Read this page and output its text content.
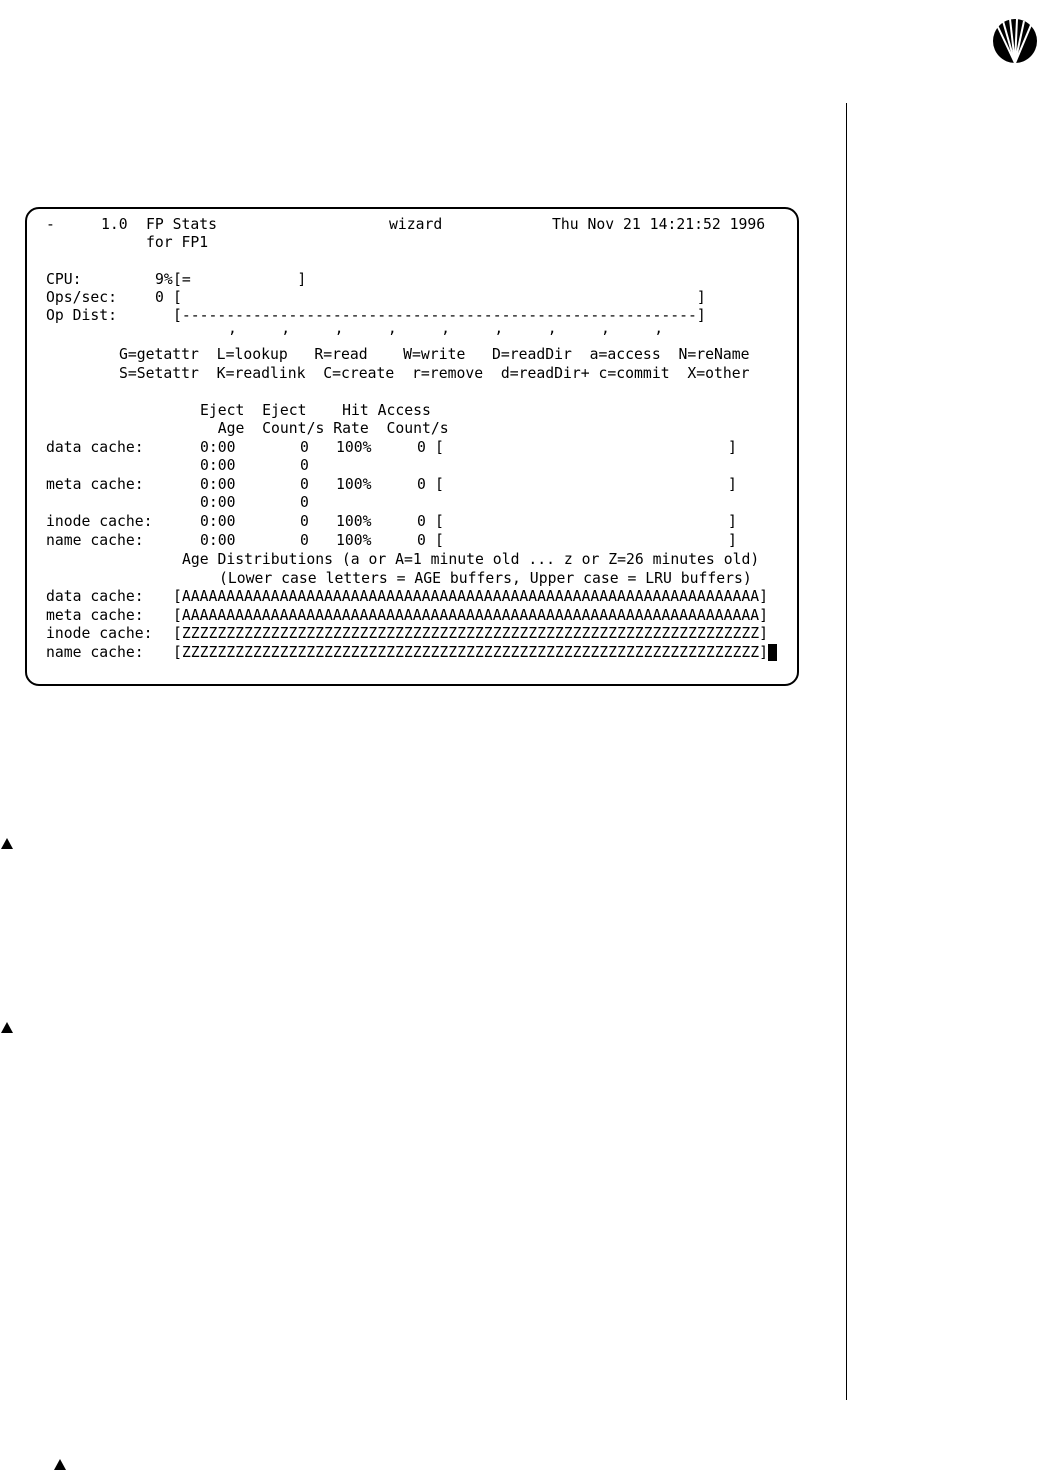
-	1.0 FP Stats	wizard	Thu Nov 21 14:21:52 1996
for FP1
CPU:	9% [=            ]
Ops/sec:	0 [                                                          ]
Op Dist:	[----------------------------------------------------------]
,     ,     ,     ,     ,     ,     ,     ,     ,
G=getattr  L=lookup   R=read    W=write   D=readDir  a=access  N=reName
S=Setattr  K=readlink  C=create  r=remove  d=readDir+ c=commit  X=other
Eject  Eject    Hit Access
Age  Count/s Rate  Count/s
data cache:	0:00	0 100%	0 [                                ]
0:00	0
meta cache:	0:00	0 100%	0 [                                ]
0:00	0
inode cache:	0:00	0 100%	0 [                                ]
name cache:	0:00	0 100%	0 [                                ]
Age Distributions (a or A=1 minute old ... z or Z=26 minutes old)
(Lower case letters = AGE buffers, Upper case = LRU buffers)
data cache: [AAAAAAAAAAAAAAAAAAAAAAAAAAAAAAAAAAAAAAAAAAAAAAAAAAAAAAAAAAAAAAAAA]
meta cache: [AAAAAAAAAAAAAAAAAAAAAAAAAAAAAAAAAAAAAAAAAAAAAAAAAAAAAAAAAAAAAAAAA]
inode cache: [ZZZZZZZZZZZZZZZZZZZZZZZZZZZZZZZZZZZZZZZZZZZZZZZZZZZZZZZZZZZZZZZZZ]
name cache: [ZZZZZZZZZZZZZZZZZZZZZZZZZZZZZZZZZZZZZZZZZZZZZZZZZZZZZZZZZZZZZZZZZ]
